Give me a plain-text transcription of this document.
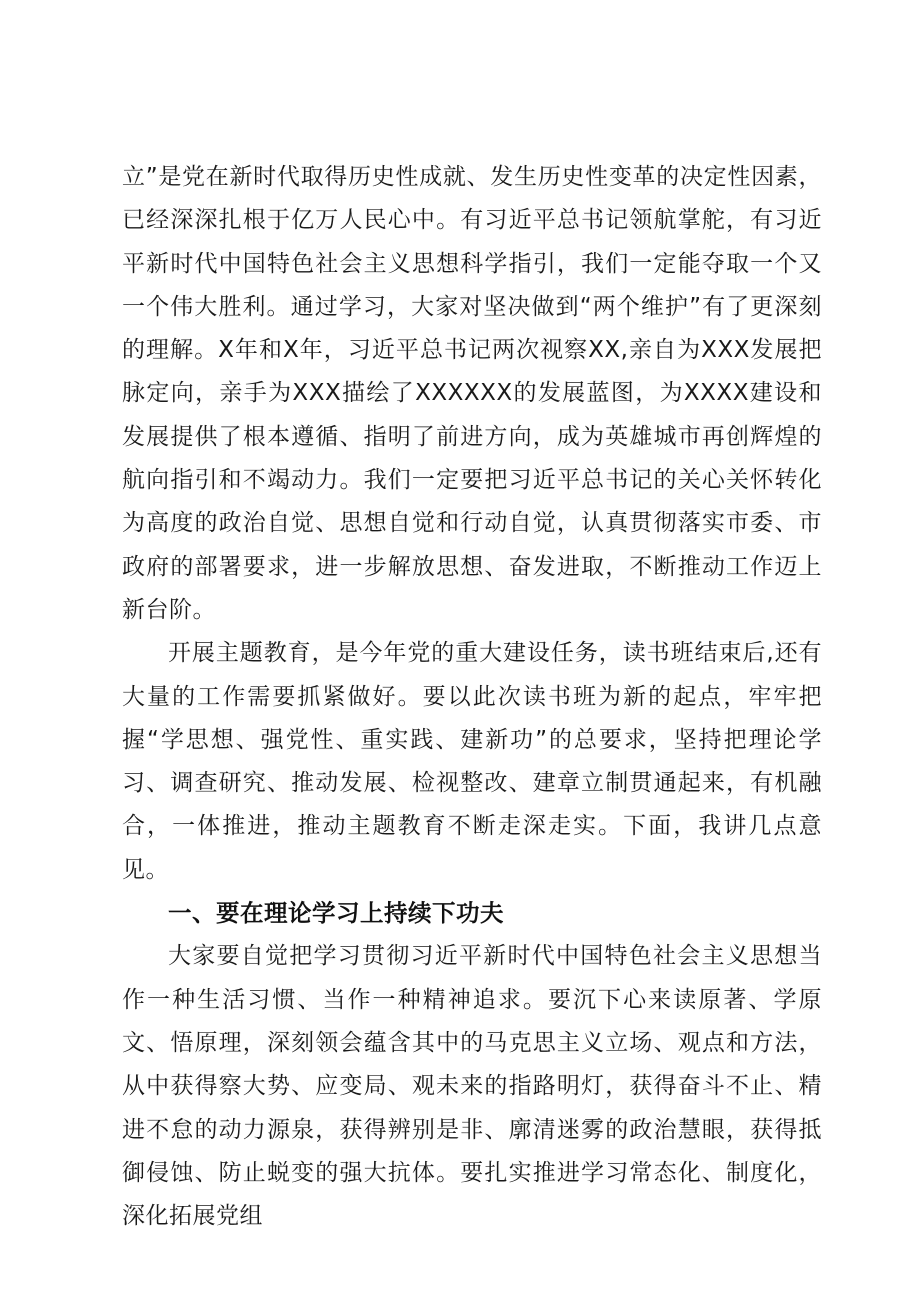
立”是党在新时代取得历史性成就、发生历史性变革的决定性因素，已经深深扎根于亿万人民心中。有习近平总书记领航掌舵，有习近平新时代中国特色社会主义思想科学指引，我们一定能夺取一个又一个伟大胜利。通过学习，大家对坚决做到“两个维护”有了更深刻的理解。X年和X年，习近平总书记两次视察XX,亲自为XXX发展把脉定向，亲手为XXX描绘了XXXXXX的发展蓝图，为XXXX建设和发展提供了根本遵循、指明了前进方向，成为英雄城市再创辉煌的航向指引和不竭动力。我们一定要把习近平总书记的关心关怀转化为高度的政治自觉、思想自觉和行动自觉，认真贯彻落实市委、市政府的部署要求，进一步解放思想、奋发进取，不断推动工作迈上新台阶。

开展主题教育，是今年党的重大建设任务，读书班结束后,还有大量的工作需要抓紧做好。要以此次读书班为新的起点，牢牢把握“学思想、强党性、重实践、建新功”的总要求，坚持把理论学习、调查研究、推动发展、检视整改、建章立制贯通起来，有机融合，一体推进，推动主题教育不断走深走实。下面，我讲几点意见。

一、要在理论学习上持续下功夫

大家要自觉把学习贯彻习近平新时代中国特色社会主义思想当作一种生活习惯、当作一种精神追求。要沉下心来读原著、学原文、悟原理，深刻领会蕴含其中的马克思主义立场、观点和方法，从中获得察大势、应变局、观未来的指路明灯，获得奋斗不止、精进不怠的动力源泉，获得辨别是非、廓清迷雾的政治慧眼，获得抵御侵蚀、防止蜕变的强大抗体。要扎实推进学习常态化、制度化，深化拓展党组
